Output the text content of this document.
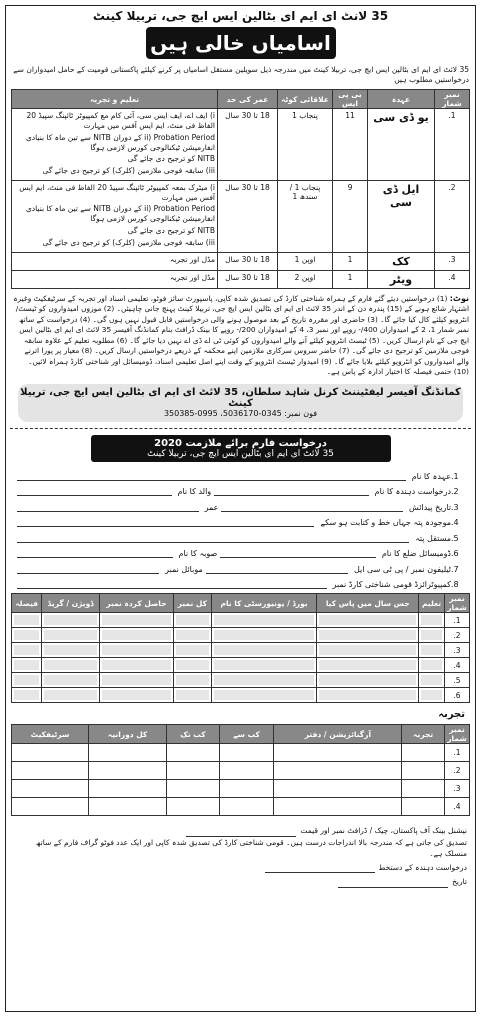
35 لانٹ ای ایم ای بٹالین ایس ایچ جی، تربیلا کینٹ
اسامیاں خالی ہیں
35 لائٹ ای ایم ای بٹالین ایس ایچ جی، تربیلا کینٹ میں مندرجہ ذیل سویلین مستقل اسامیاں پر کرنے کیلئے پاکستانی قومیت کے حامل امیدواران سے درخواستیں مطلوب ہیں
نمبر شمار	عہدہ	بی پی ایس	علاقائی کوٹہ	عمر کی حد	تعلیم و تجربہ
1.	یو ڈی سی	11	پنجاب 1	18 تا 30 سال	i) ایف اے، ایف ایس سی، آئی کام مع کمپیوٹر ٹائپنگ سپیڈ 20 الفاظ فی منٹ، ایم ایس آفس میں مہارت

ii) Probation Period کے دوران NITB سے تین ماہ کا بنیادی انفارمیشن ٹیکنالوجی کورس لازمی ہوگا

NITB کو ترجیح دی جائے گی

iii) سابقہ فوجی ملازمین (کلرک) کو ترجیح دی جائے گی

2.	ایل ڈی سی	9	پنجاب 1 / سندھ 1	18 تا 30 سال	i) میٹرک بمعہ کمپیوٹر ٹائپنگ سپیڈ 20 الفاظ فی منٹ، ایم ایس آفس میں مہارت

ii) Probation Period کے دوران NITB سے تین ماہ کا بنیادی انفارمیشن ٹیکنالوجی کورس لازمی ہوگا

NITB کو ترجیح دی جائے گی

iii) سابقہ فوجی ملازمین (کلرک) کو ترجیح دی جائے گی

3.	کک	1	اوپن 1	18 تا 30 سال	مڈل اور تجربہ
4.	ویٹر	1	اوپن 2	18 تا 30 سال	مڈل اور تجربہ
نوٹ: (1) درخواستیں دیئے گئے فارم کے ہمراہ شناختی کارڈ کی تصدیق شدہ کاپی، پاسپورٹ سائز فوٹو، تعلیمی اسناد اور تجربہ کے سرٹیفکیٹ وغیرہ اشتہار شائع ہونے کے (15) پندرہ دن کے اندر 35 لائٹ ای ایم ای بٹالین ایس ایچ جی، تربیلا کینٹ پہنچ جانی چاہیئں۔ (2) موزوں امیدواروں کو ٹیسٹ/انٹرویو کیلئے کال کیا جائے گا۔ (3) حاضری اور مقررہ تاریخ کے بعد موصول ہونے والی درخواستیں قابل قبول نہیں ہوں گی۔ (4) درخواست کے ساتھ نمبر شمار 1، 2 کے امیدواران 400/- روپے اور نمبر 3، 4 کے امیدواران 200/- روپے کا بینک ڈرافٹ بنام کمانڈنگ آفیسر 35 لائٹ ای ایم ای بٹالین ایس ایچ جی کے نام ارسال کریں۔ (5) ٹیسٹ انٹرویو کیلئے آنے والے امیدواروں کو کوئی ٹی اے ڈی اے نہیں دیا جائے گا۔ (6) مطلوبہ تعلیم کے علاوہ سابقہ فوجی ملازمین کو ترجیح دی جائے گی۔ (7) حاضر سروس سرکاری ملازمین اپنے محکمہ کے ذریعے درخواستیں ارسال کریں۔ (8) معیار پر پورا اترنے والے امیدواروں کو انٹرویو کیلئے بلایا جائے گا۔ (9) امیدوار ٹیسٹ انٹرویو کے وقت اپنے اصل تعلیمی اسناد، ڈومیسائل اور شناختی کارڈ ہمراہ لائیں۔ (10) حتمی فیصلہ کا اختیار ادارہ کے پاس ہے۔
کمانڈنگ آفیسر لیفٹیننٹ کرنل شاہد سلطان، 35 لائٹ ای ایم ای بٹالین ایس ایچ جی، تربیلا کینٹ
فون نمبر: 0345-5036170، 0995-350385
درخواست فارم برائے ملازمت 2020
35 لائٹ ای ایم ای بٹالین ایس ایچ جی، تربیلا کینٹ
1.
عہدہ کا نام
2.
درخواست دہندہ کا نام
والد کا نام
3.
تاریخ پیدائش
عمر
4.
موجودہ پتہ جہاں خط و کتابت ہو سکے
5.
مستقل پتہ
6.
ڈومیسائل ضلع کا نام
صوبہ کا نام
7.
ٹیلیفون نمبر / پی ٹی سی ایل
موبائل نمبر
8.
کمپیوٹرائزڈ قومی شناختی کارڈ نمبر
نمبر شمار	تعلیم	جس سال میں پاس کیا	بورڈ / یونیورسٹی کا نام	کل نمبر	حاصل کردہ نمبر	ڈویژن / گریڈ	فیصلہ
1.	

2.	

3.	

4.	

5.	

6.	

تجربہ
نمبر شمار	تجربہ	آرگنائزیشن / دفتر	کب سے	کب تک	کل دورانیہ	سرٹیفکیٹ
1.						
2.						
3.						
4.						
نیشنل بینک آف پاکستان، چیک / ڈرافٹ نمبر اور قیمت
تصدیق کی جاتی ہے کہ مندرجہ بالا اندراجات درست ہیں۔ قومی شناختی کارڈ کی تصدیق شدہ کاپی اور ایک عدد فوٹو گراف فارم کے ساتھ منسلک ہے۔
درخواست دہندہ کے دستخط
تاریخ
